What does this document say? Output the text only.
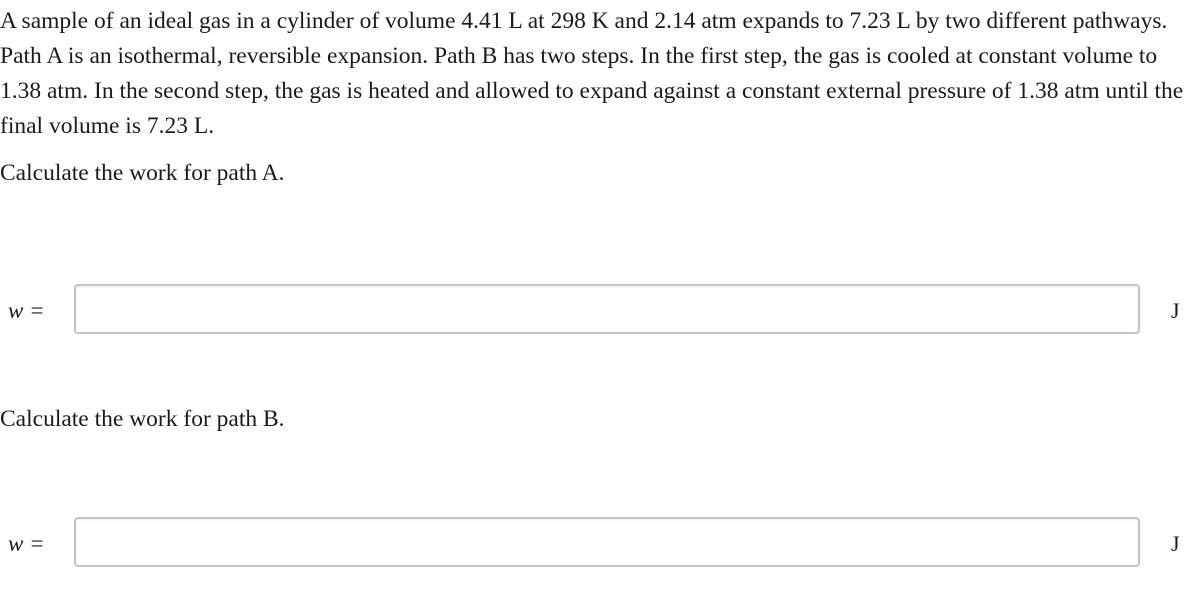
A sample of an ideal gas in a cylinder of volume 4.41 L at 298 K and 2.14 atm expands to 7.23 L by two different pathways. Path A is an isothermal, reversible expansion. Path B has two steps. In the first step, the gas is cooled at constant volume to 1.38 atm. In the second step, the gas is heated and allowed to expand against a constant external pressure of 1.38 atm until the final volume is 7.23 L.

Calculate the work for path A.

w =	J

Calculate the work for path B.

w =	J
